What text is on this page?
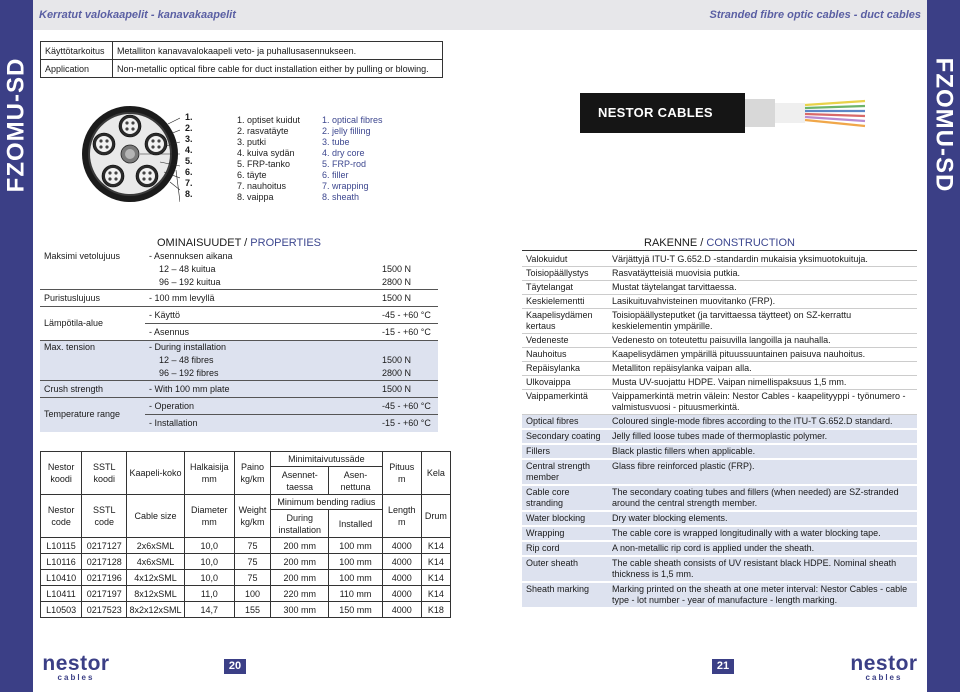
FZOMU-SD	FZOMU-SD
Kerratut valokaapelit - kanavakaapelit	Stranded fibre optic cables - duct cables
Käyttötarkoitus	Metalliton kanavavalokaapeli veto- ja puhallusasennukseen.
Application	Non-metallic optical fibre cable for duct installation either by pulling or blowing.
1.
2.
3.
4.
5.
6.
7.
8.
1. optiset kuidut
2. rasvatäyte
3. putki
4. kuiva sydän
5. FRP-tanko
6. täyte
7. nauhoitus
8. vaippa
1. optical fibres
2. jelly filling
3. tube
4. dry core
5. FRP-rod
6. filler
7. wrapping
8. sheath
NESTOR CABLES
OMINAISUUDET / PROPERTIES
Maksimi vetolujuus	- Asennuksen aikana	
	12 – 48 kuitua	1500 N
	96 – 192 kuitua	2800 N
Puristuslujuus	- 100 mm levyllä	1500 N
Lämpötila-alue	- Käyttö	-45 - +60 °C
	- Asennus	-15 - +60 °C
Max. tension	- During installation	
	12 – 48 fibres	1500 N
	96 – 192 fibres	2800 N
Crush strength	- With 100 mm plate	1500 N
Temperature range	- Operation	-45 - +60 °C
	- Installation	-15 - +60 °C
Nestor koodi	SSTL koodi	Kaapeli-koko	Halkaisija mm	Paino kg/km	Minimitaivutussäde		Pituus m	Kela
					Asennet-taessa	Asen-nettuna		
Nestor code	SSTL code	Cable size	Diameter mm	Weight kg/km	Minimum bending radius		Length m	Drum
					During installation	Installed		
L10115	0217127	2x6xSML	10,0	75	200 mm	100 mm	4000	K14
L10116	0217128	4x6xSML	10,0	75	200 mm	100 mm	4000	K14
L10410	0217196	4x12xSML	10,0	75	200 mm	100 mm	4000	K14
L10411	0217197	8x12xSML	11,0	100	220 mm	110 mm	4000	K14
L10503	0217523	8x2x12xSML	14,7	155	300 mm	150 mm	4000	K18
RAKENNE / CONSTRUCTION
Valokuidut	Värjättyjä ITU-T G.652.D -standardin mukaisia yksimuotokuituja.
Toisiopäällystys	Rasvatäytteisiä muovisia putkia.
Täytelangat	Mustat täytelangat tarvittaessa.
Keskielementti	Lasikuituvahvisteinen muovitanko (FRP).
Kaapelisydämen kertaus	Toisiopäällysteputket (ja tarvittaessa täytteet) on SZ-kerrattu keskielementin ympärille.
Vedeneste	Vedenesto on toteutettu paisuvilla langoilla ja nauhalla.
Nauhoitus	Kaapelisydämen ympärillä pituussuuntainen paisuva nauhoitus.
Repäisylanka	Metalliton repäisylanka vaipan alla.
Ulkovaippa	Musta UV-suojattu HDPE. Vaipan nimellispaksuus 1,5 mm.
Vaippamerkintä	Vaippamerkintä metrin välein: Nestor Cables - kaapelityyppi - työnumero - valmistusvuosi - pituusmerkintä.
Optical fibres	Coloured single-mode fibres according to the ITU-T G.652.D standard.
Secondary coating	Jelly filled loose tubes made of thermoplastic polymer.
Fillers	Black plastic fillers when applicable.
Central strength member	Glass fibre reinforced plastic (FRP).
Cable core stranding	The secondary coating tubes and fillers (when needed) are SZ-stranded around the central strength member.
Water blocking	Dry water blocking elements.
Wrapping	The cable core is wrapped longitudinally with a water blocking tape.
Rip cord	A non-metallic rip cord is applied under the sheath.
Outer sheath	The cable sheath consists of UV resistant black HDPE. Nominal sheath thickness is 1,5 mm.
Sheath marking	Marking printed on the sheath at one meter interval: Nestor Cables - cable type - lot number - year of manufacture - length marking.
nestor
cables
20	21	nestor
cables
